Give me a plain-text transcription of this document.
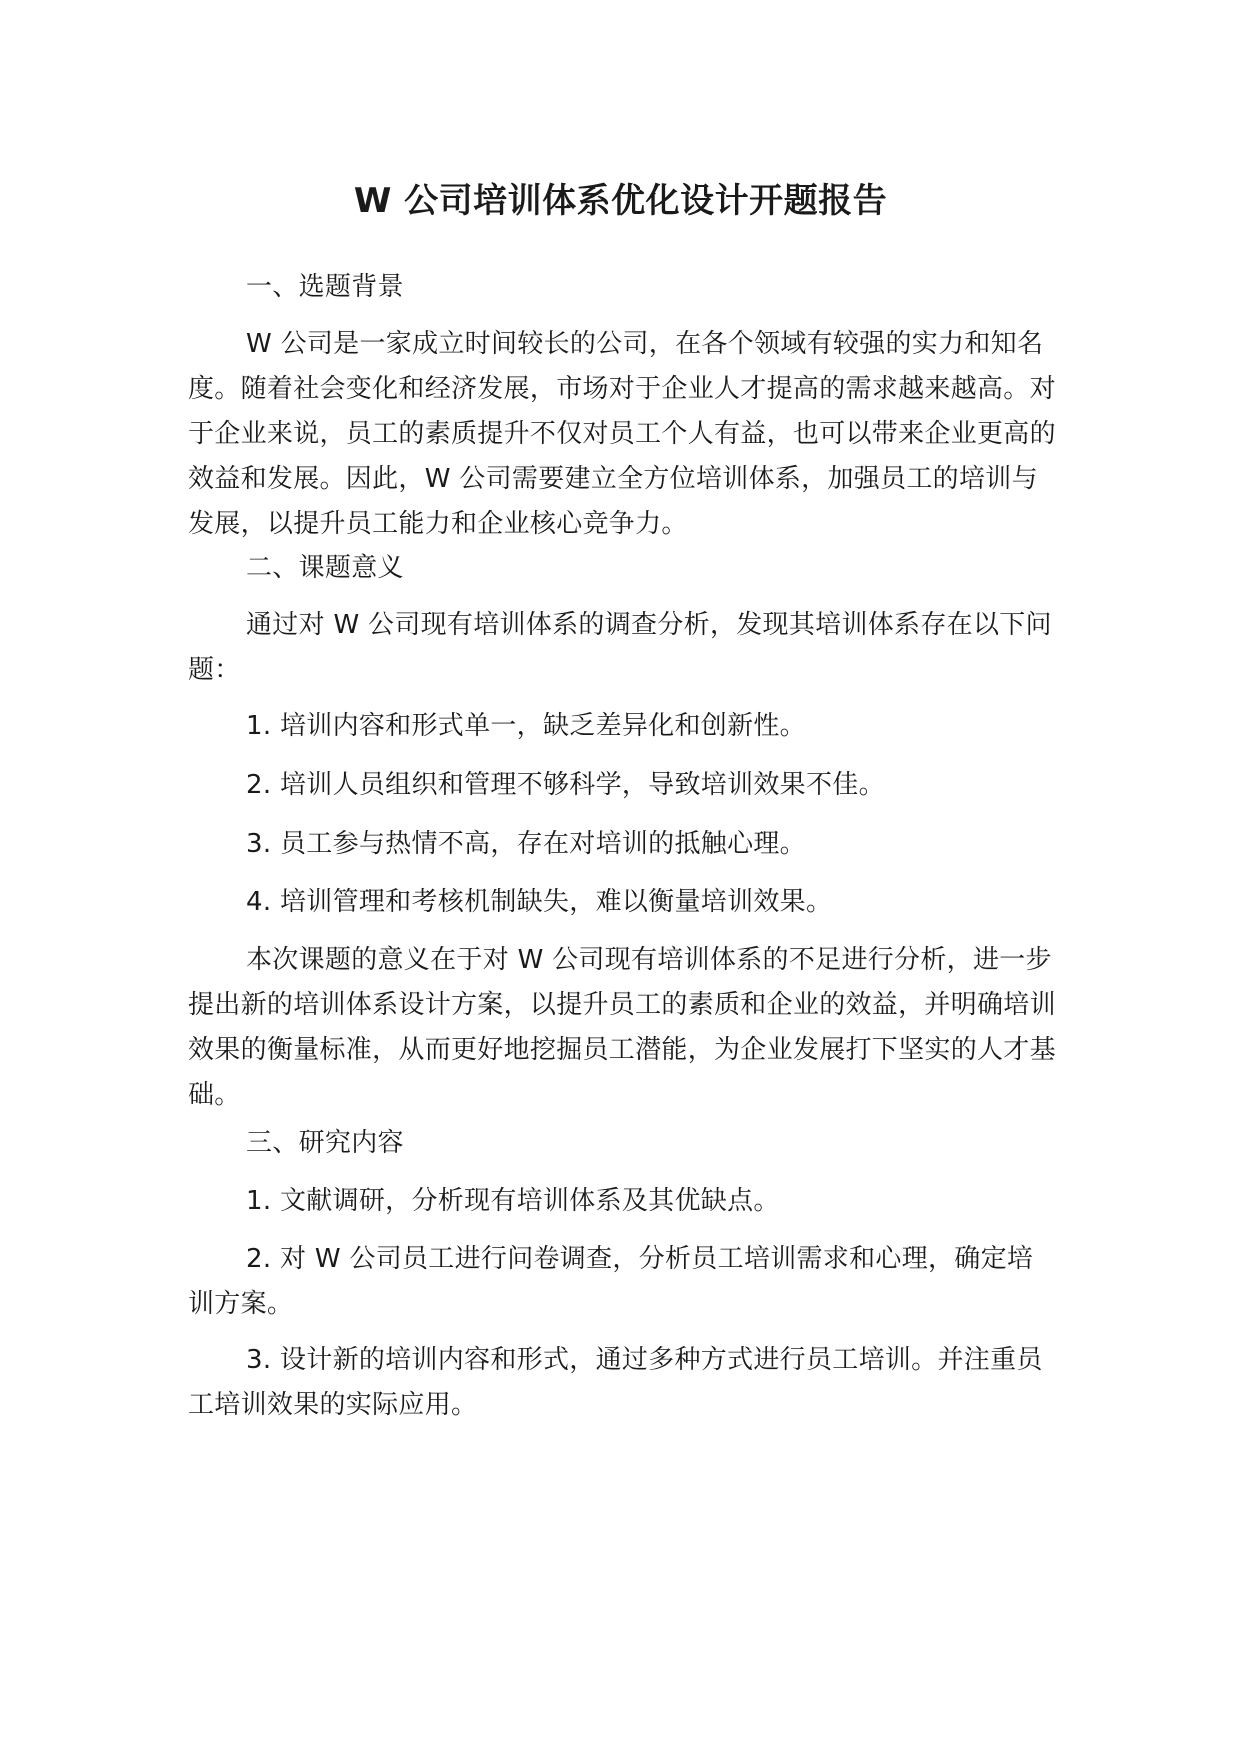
W 公司培训体系优化设计开题报告
一、选题背景
W 公司是一家成立时间较长的公司，在各个领域有较强的实力和知名度。随着社会变化和经济发展，市场对于企业人才提高的需求越来越高。对于企业来说，员工的素质提升不仅对员工个人有益，也可以带来企业更高的效益和发展。因此，W 公司需要建立全方位培训体系，加强员工的培训与发展，以提升员工能力和企业核心竞争力。
二、课题意义
通过对 W 公司现有培训体系的调查分析，发现其培训体系存在以下问题：
1. 培训内容和形式单一，缺乏差异化和创新性。
2. 培训人员组织和管理不够科学，导致培训效果不佳。
3. 员工参与热情不高，存在对培训的抵触心理。
4. 培训管理和考核机制缺失，难以衡量培训效果。
本次课题的意义在于对 W 公司现有培训体系的不足进行分析，进一步提出新的培训体系设计方案，以提升员工的素质和企业的效益，并明确培训效果的衡量标准，从而更好地挖掘员工潜能，为企业发展打下坚实的人才基础。
三、研究内容
1. 文献调研，分析现有培训体系及其优缺点。
2. 对 W 公司员工进行问卷调查，分析员工培训需求和心理，确定培训方案。
3. 设计新的培训内容和形式，通过多种方式进行员工培训。并注重员工培训效果的实际应用。
